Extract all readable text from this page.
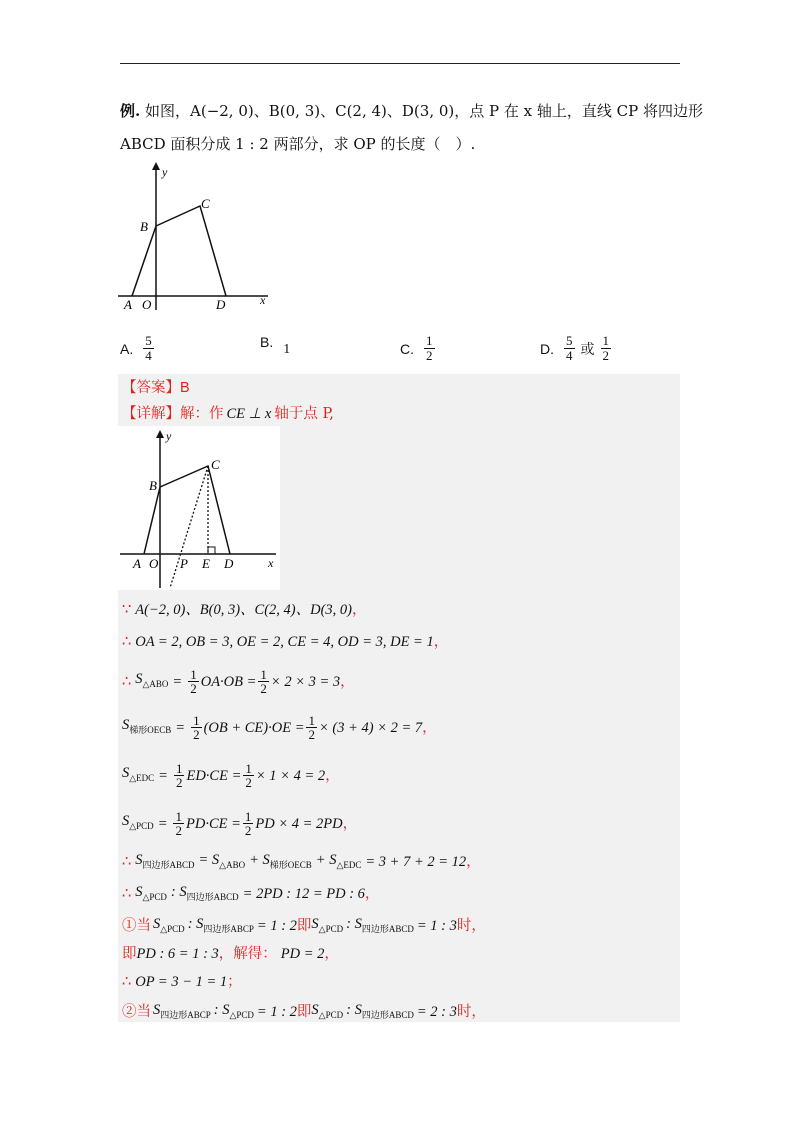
例. 如图，A(−2, 0)、B(0, 3)、C(2, 4)、D(3, 0)，点 P 在 x 轴上，直线 CP 将四边形
ABCD 面积分成 1 : 2 两部分，求 OP 的长度（　）.
y
x
A O
B
C
D
A. $\frac{5}{4}$	B. 1	C. $\frac{1}{2}$	D. $\frac{5}{4}$ 或 $\frac{1}{2}$
【答案】 B
【详解】 解：作 CE ⊥ x 轴于点 P,
y
x
A O
B
C
P E D
∵ A(−2, 0)、B(0, 3)、C(2, 4)、D(3, 0) ，
∴ OA = 2, OB = 3, OE = 2, CE = 4, OD = 3, DE = 1 ，
∴ $S_{\triangle ABO} = \frac{1}{2} OA\cdot OB = \frac{1}{2} \times 2 \times 3 = 3$ ，
$S_{梯形OECB} = \frac{1}{2} (OB + CE)\cdot OE = \frac{1}{2} \times (3 + 4) \times 2 = 7$ ，
$S_{\triangle EDC} = \frac{1}{2} ED\cdot CE = \frac{1}{2} \times 1 \times 4 = 2$ ，
$S_{\triangle PCD} = \frac{1}{2} PD\cdot CE = \frac{1}{2}$ PD × 4 = 2PD ，
∴ $S_{四边形ABCD} = S_{\triangle ABO} + S_{梯形OECB} + S_{\triangle EDC} = 3 + 7 + 2 = 12$ ，
∴ $S_{\triangle PCD}$ : $S_{四边形ABCD} = 2PD$ : 12 = PD : 6 ，
①当 $S_{\triangle PCD}$ : $S_{四边形ABCP} = 1$ : 2 即 $S_{\triangle PCD}$ : $S_{四边形ABCD} = 1$ : 3 时，
即 PD : 6 = 1 : 3 ，解得： PD = 2 ，
∴ OP = 3 − 1 = 1 ；
②当 $S_{四边形ABCP}$ : $S_{\triangle PCD} = 1$ : 2 即 $S_{\triangle PCD}$ : $S_{四边形ABCD} = 2$ : 3 时，
